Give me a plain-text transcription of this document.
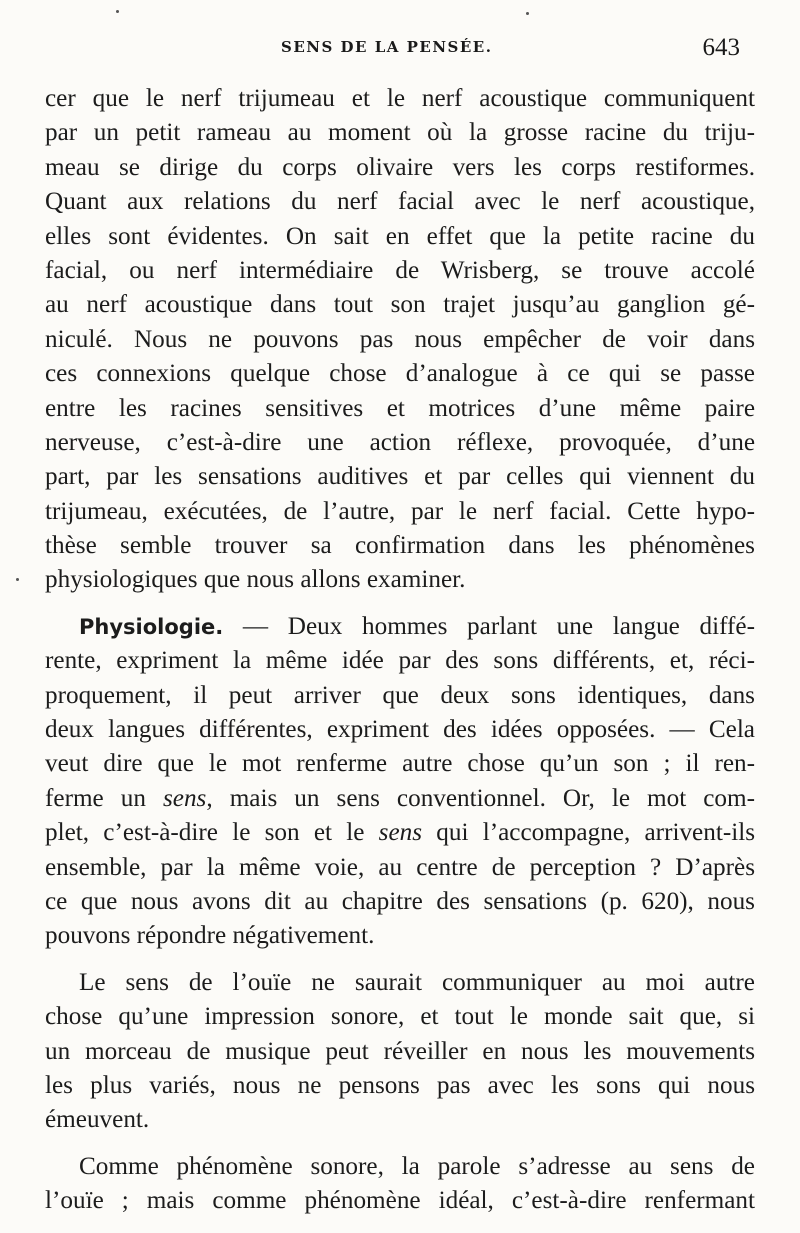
SENS DE LA PENSÉE.	643
cer que le nerf trijumeau et le nerf acoustique communiquent
par un petit rameau au moment où la grosse racine du triju-
meau se dirige du corps olivaire vers les corps restiformes.
Quant aux relations du nerf facial avec le nerf acoustique,
elles sont évidentes. On sait en effet que la petite racine du
facial, ou nerf intermédiaire de Wrisberg, se trouve accolé
au nerf acoustique dans tout son trajet jusqu’au ganglion gé-
niculé. Nous ne pouvons pas nous empêcher de voir dans
ces connexions quelque chose d’analogue à ce qui se passe
entre les racines sensitives et motrices d’une même paire
nerveuse, c’est-à-dire une action réflexe, provoquée, d’une
part, par les sensations auditives et par celles qui viennent du
trijumeau, exécutées, de l’autre, par le nerf facial. Cette hypo-
thèse semble trouver sa confirmation dans les phénomènes
physiologiques que nous allons examiner.
Physiologie. — Deux hommes parlant une langue diffé-
rente, expriment la même idée par des sons différents, et, réci-
proquement, il peut arriver que deux sons identiques, dans
deux langues différentes, expriment des idées opposées. — Cela
veut dire que le mot renferme autre chose qu’un son ; il ren-
ferme un sens, mais un sens conventionnel. Or, le mot com-
plet, c’est-à-dire le son et le sens qui l’accompagne, arrivent-ils
ensemble, par la même voie, au centre de perception ? D’après
ce que nous avons dit au chapitre des sensations (p. 620), nous
pouvons répondre négativement.
Le sens de l’ouïe ne saurait communiquer au moi autre
chose qu’une impression sonore, et tout le monde sait que, si
un morceau de musique peut réveiller en nous les mouvements
les plus variés, nous ne pensons pas avec les sons qui nous
émeuvent.
Comme phénomène sonore, la parole s’adresse au sens de
l’ouïe ; mais comme phénomène idéal, c’est-à-dire renfermant
